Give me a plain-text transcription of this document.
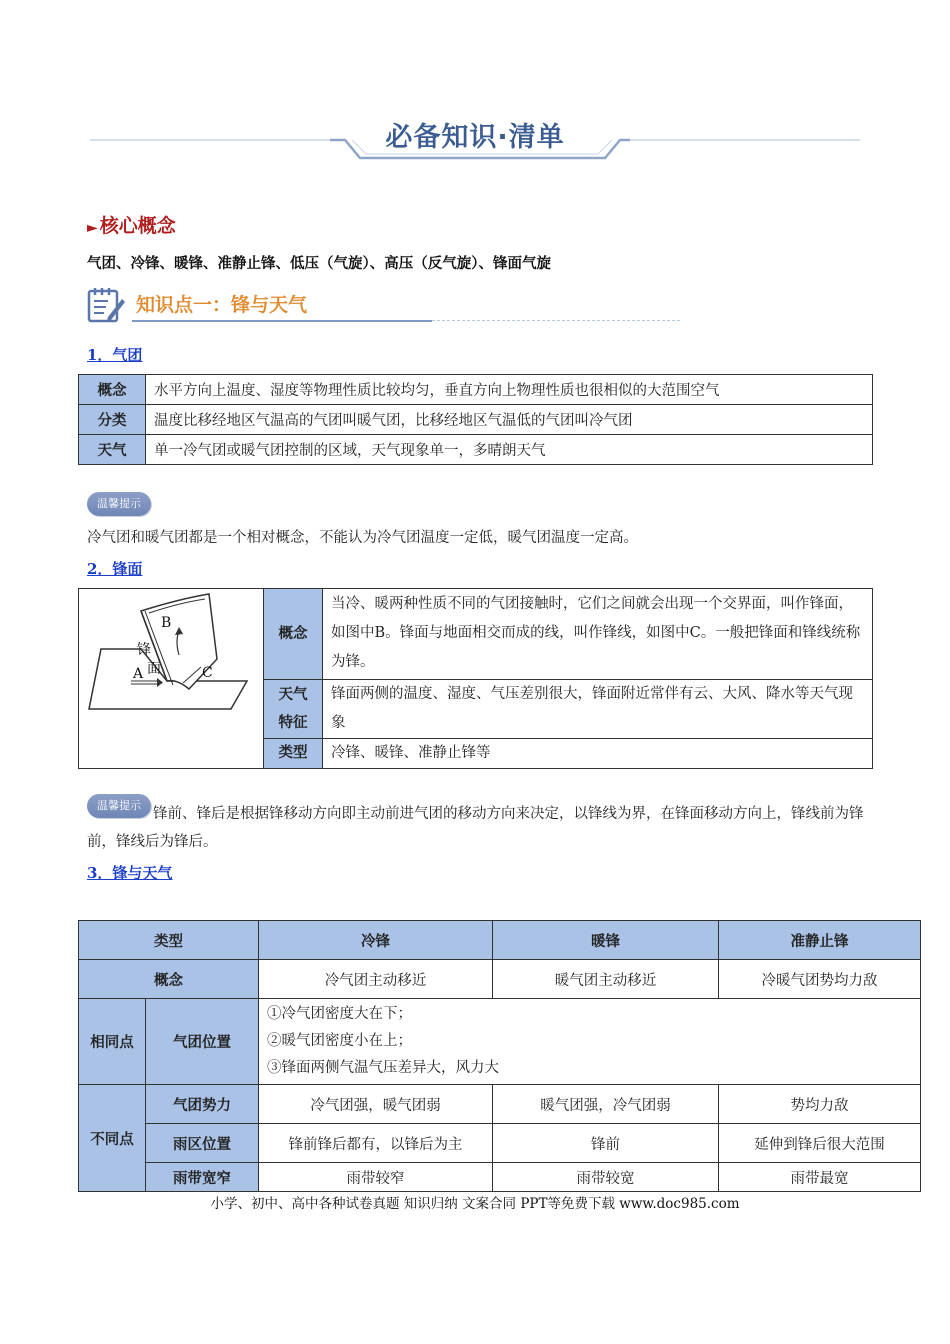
必备知识·清单
► 核心概念
气团、冷锋、暖锋、准静止锋、低压（气旋）、高压（反气旋）、锋面气旋
知识点一：锋与天气
1．气团
概念	水平方向上温度、湿度等物理性质比较均匀，垂直方向上物理性质也很相似的大范围空气
分类	温度比移经地区气温高的气团叫暖气团，比移经地区气温低的气团叫冷气团
天气	单一冷气团或暖气团控制的区域，天气现象单一，多晴朗天气
温馨提示
冷气团和暖气团都是一个相对概念，不能认为冷气团温度一定低，暖气团温度一定高。
2．锋面
B
C
A
锋
面	概念	当冷、暖两种性质不同的气团接触时，它们之间就会出现一个交界面，叫作锋面，如图中B。锋面与地面相交而成的线，叫作锋线，如图中C。一般把锋面和锋线统称为锋。
	天气特征	锋面两侧的温度、湿度、气压差别很大，锋面附近常伴有云、大风、降水等天气现象
	类型	冷锋、暖锋、准静止锋等
温馨提示
锋前、锋后是根据锋移动方向即主动前进气团的移动方向来决定，以锋线为界，在锋面移动方向上，锋线前为锋前，锋线后为锋后。
3．锋与天气
类型		冷锋	暖锋	准静止锋
概念		冷气团主动移近	暖气团主动移近	冷暖气团势均力敌
相同点	气团位置	①冷气团密度大在下；
②暖气团密度小在上；
③锋面两侧气温气压差异大，风力大		

不同点	气团势力	冷气团强，暖气团弱	暖气团强，冷气团弱	势均力敌
	雨区位置	锋前锋后都有，以锋后为主	锋前	延伸到锋后很大范围
	雨带宽窄	雨带较窄	雨带较宽	雨带最宽
小学、初中、高中各种试卷真题 知识归纳 文案合同 PPT等免费下载 www.doc985.com
